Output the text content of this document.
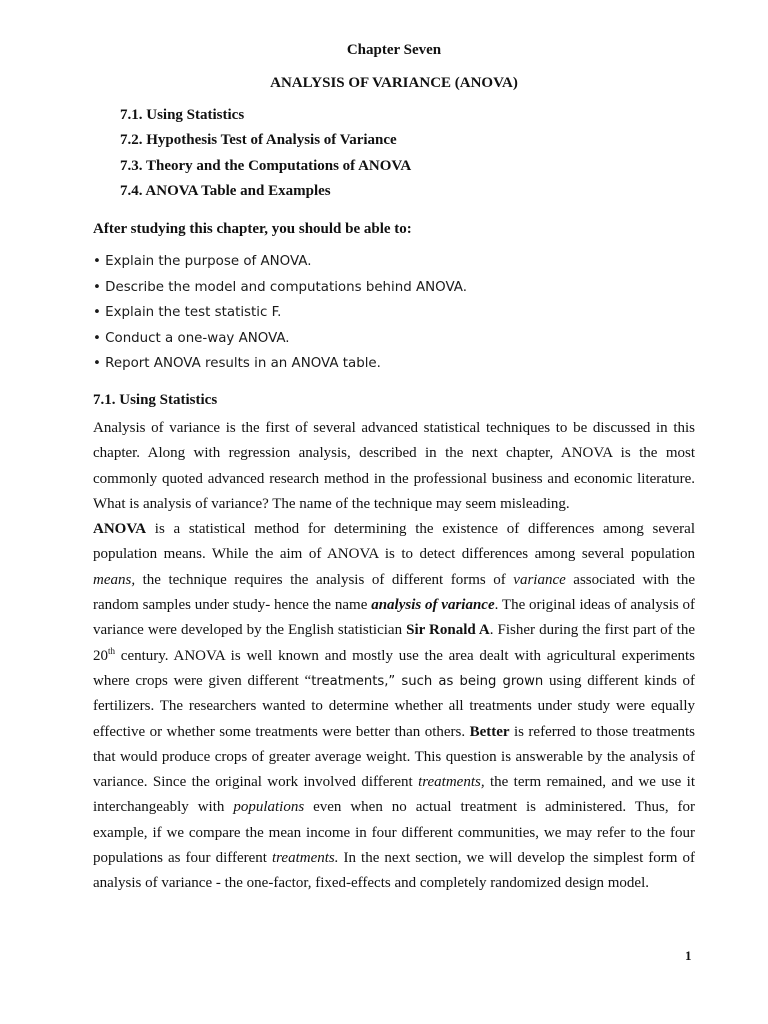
Chapter Seven
ANALYSIS OF VARIANCE (ANOVA)
7.1. Using Statistics
7.2. Hypothesis Test of Analysis of Variance
7.3. Theory and the Computations of ANOVA
7.4. ANOVA Table and Examples
After studying this chapter, you should be able to:
• Explain the purpose of ANOVA.
• Describe the model and computations behind ANOVA.
• Explain the test statistic F.
• Conduct a one-way ANOVA.
• Report ANOVA results in an ANOVA table.
7.1. Using Statistics

Analysis of variance is the first of several advanced statistical techniques to be discussed in this chapter. Along with regression analysis, described in the next chapter, ANOVA is the most commonly quoted advanced research method in the professional business and economic literature. What is analysis of variance? The name of the technique may seem misleading.

ANOVA is a statistical method for determining the existence of differences among several population means. While the aim of ANOVA is to detect differences among several population means, the technique requires the analysis of different forms of variance associated with the random samples under study- hence the name analysis of variance. The original ideas of analysis of variance were developed by the English statistician Sir Ronald A. Fisher during the first part of the 20th century. ANOVA is well known and mostly use the area dealt with agricultural experiments where crops were given different “treatments,” such as being grown using different kinds of fertilizers. The researchers wanted to determine whether all treatments under study were equally effective or whether some treatments were better than others. Better is referred to those treatments that would produce crops of greater average weight. This question is answerable by the analysis of variance. Since the original work involved different treatments, the term remained, and we use it interchangeably with populations even when no actual treatment is administered. Thus, for example, if we compare the mean income in four different communities, we may refer to the four populations as four different treatments. In the next section, we will develop the simplest form of analysis of variance - the one-factor, fixed-effects and completely randomized design model.

1
